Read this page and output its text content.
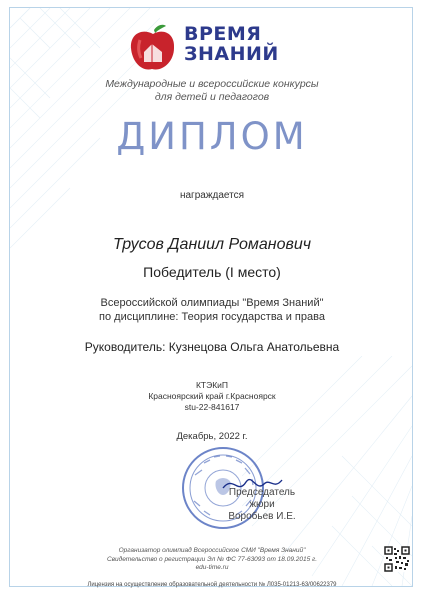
ВРЕМЯ
ЗНАНИЙ
Международные и всероссийские конкурсы
для детей и педагогов
ДИПЛОМ
награждается
Трусов Даниил Романович
Победитель (I место)
Всероссийской олимпиады "Время Знаний"
по дисциплине: Теория государства и права
Руководитель: Кузнецова Ольга Анатольевна
КТЭКиП
Красноярский край г.Красноярск
stu-22-841617
Декабрь, 2022 г.
Председатель жюри
Воробьев И.Е.
Организатор олимпиад Всероссийское СМИ "Время Знаний"
Свидетельство о регистрации Эл № ФС 77-63093 от 18.09.2015 г.
edu-time.ru
Лицензия на осуществление образовательной деятельности № Л035-01213-63/00622379
